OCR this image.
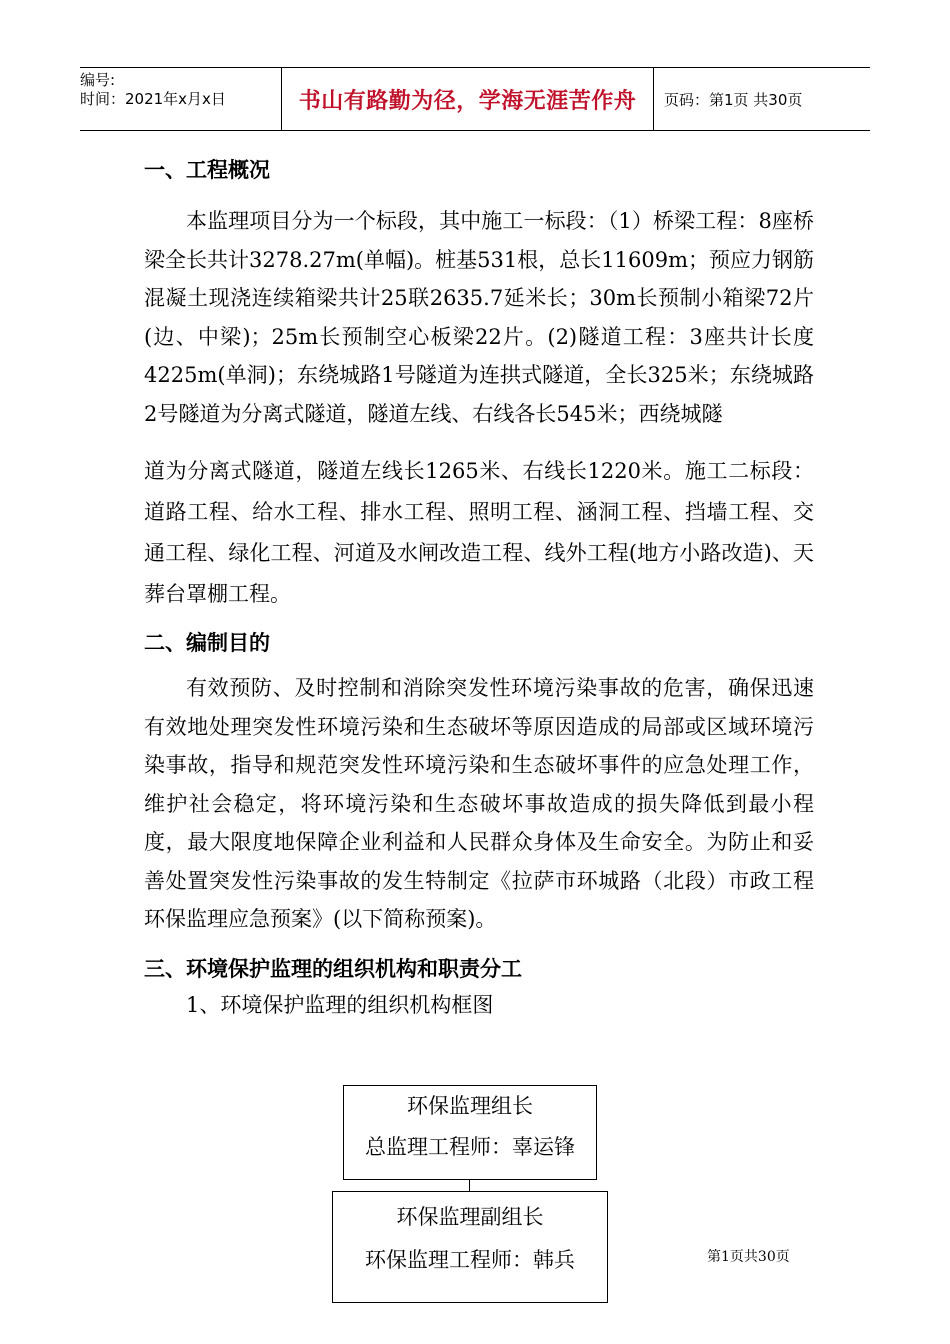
编号:
时间：2021年x月x日	书山有路勤为径，学海无涯苦作舟	页码：第1页 共30页
一、工程概况

本监理项目分为一个标段，其中施工一标段：（1）桥梁工程：8座桥梁全长共计3278.27m(单幅)。桩基531根，总长11609m；预应力钢筋混凝土现浇连续箱梁共计25联2635.7延米长；30m长预制小箱梁72片(边、中梁)；25m长预制空心板梁22片。(2)隧道工程：3座共计长度4225m(单洞)；东绕城路1号隧道为连拱式隧道，全长325米；东绕城路2号隧道为分离式隧道，隧道左线、右线各长545米；西绕城隧

道为分离式隧道，隧道左线长1265米、右线长1220米。施工二标段：道路工程、给水工程、排水工程、照明工程、涵洞工程、挡墙工程、交通工程、绿化工程、河道及水闸改造工程、线外工程(地方小路改造)、天葬台罩棚工程。

二、编制目的

有效预防、及时控制和消除突发性环境污染事故的危害，确保迅速有效地处理突发性环境污染和生态破坏等原因造成的局部或区域环境污染事故，指导和规范突发性环境污染和生态破坏事件的应急处理工作，维护社会稳定，将环境污染和生态破坏事故造成的损失降低到最小程度，最大限度地保障企业利益和人民群众身体及生命安全。为防止和妥善处置突发性污染事故的发生特制定《拉萨市环城路（北段）市政工程环保监理应急预案》(以下简称预案)。

三、环境保护监理的组织机构和职责分工

1、环境保护监理的组织机构框图

环保监理组长
总监理工程师：辜运锋
环保监理副组长
环保监理工程师：韩兵	第1页共30页
